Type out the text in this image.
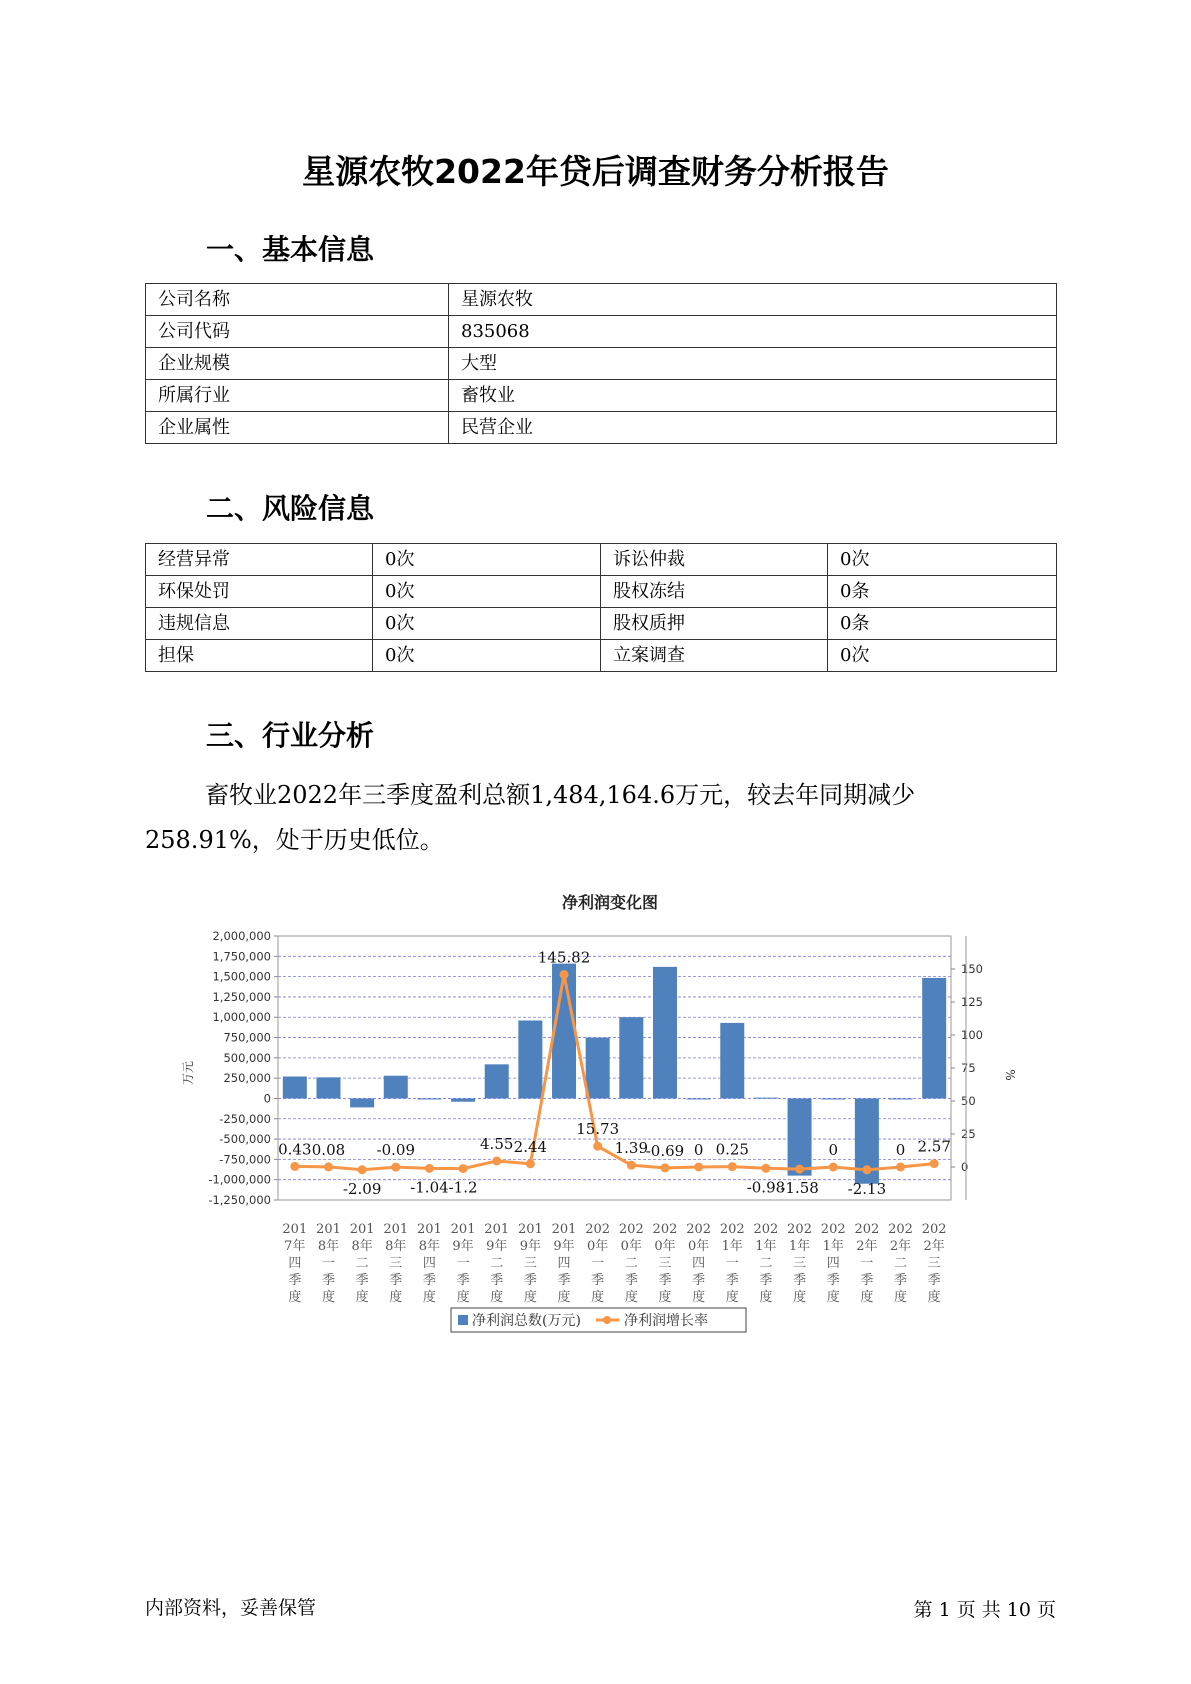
星源农牧2022年贷后调查财务分析报告
一、基本信息
公司名称	星源农牧
公司代码	835068
企业规模	大型
所属行业	畜牧业
企业属性	民营企业
二、风险信息
经营异常	0次	诉讼仲裁	0次
环保处罚	0次	股权冻结	0条
违规信息	0次	股权质押	0条
担保	0次	立案调查	0次
三、行业分析

畜牧业2022年三季度盈利总额1,484,164.6万元，较去年同期减少
258.91%，处于历史低位。

净利润变化图
2,000,000
1,750,000
1,500,000
1,250,000
1,000,000
750,000
500,000
250,000
0
-250,000
-500,000
-750,000
-1,000,000
-1,250,000
150
125
100
75
50
25
0
万元	%
0.43 0.08
-2.09
-0.09
-1.04 -1.2
4.55 2.44
145.82
15.73
1.39
-0.69 0 0.25
-0.98
-1.58
0
-2.13
0 2.57
201
7年
四
季
度
201
8年
一
季
度
201
8年
二
季
度
201
8年
三
季
度
201
8年
四
季
度
201
9年
一
季
度
201
9年
二
季
度
201
9年
三
季
度
201
9年
四
季
度
202
0年
一
季
度
202
0年
二
季
度
202
0年
三
季
度
202
0年
四
季
度
202
1年
一
季
度
202
1年
二
季
度
202
1年
三
季
度
202
1年
四
季
度
202
2年
一
季
度
202
2年
二
季
度
202
2年
三
季
度
净利润总数(万元)	净利润增长率
内部资料，妥善保管	第 1 页 共 10 页
